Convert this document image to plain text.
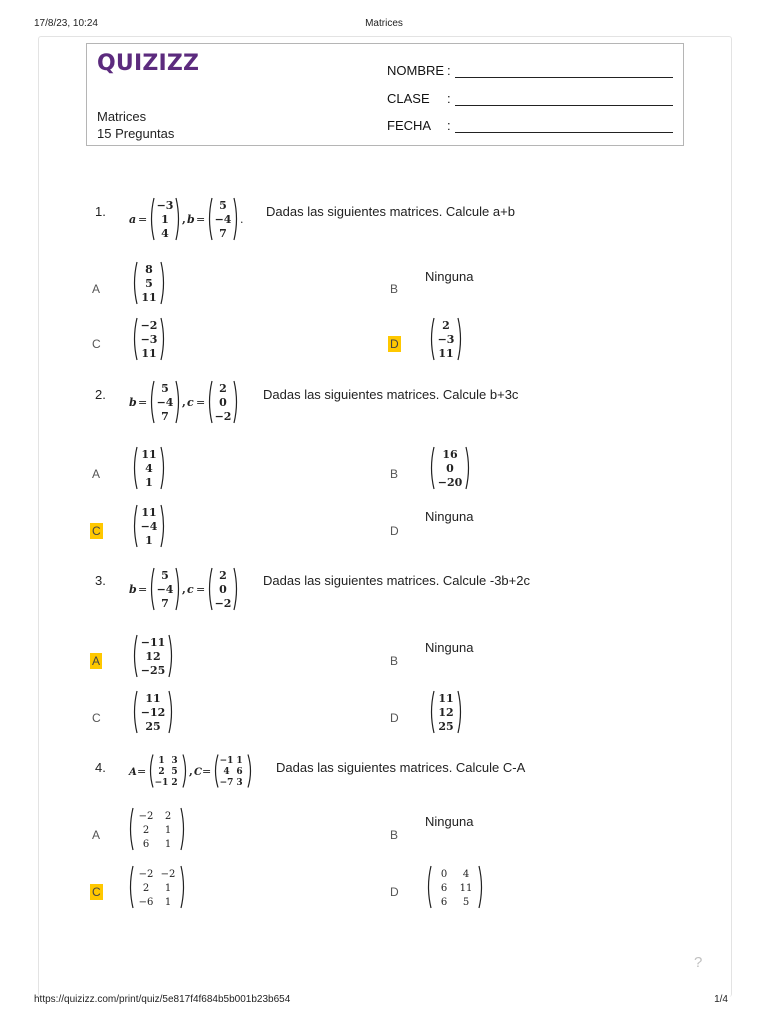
17/8/23, 10:24	Matrices
QUIZIZZ
Matrices
15 Preguntas
NOMBRE :
CLASE :
FECHA :
1.
a =
−3
1
4
, b =
5
−4
7
.
Dadas las siguientes matrices. Calcule a+b
A
8
5
11
B
Ninguna
C
−2
−3
11
D
2
−3
11
2.
b =
5
−4
7
, c =
2
0
−2
Dadas las siguientes matrices. Calcule b+3c
A
11
4
1
B
16
0
−20
C
11
−4
1
D
Ninguna
3.
b =
5
−4
7
, c =
2
0
−2
Dadas las siguientes matrices. Calcule -3b+2c
A
−11
12
−25
B
Ninguna
C
11
−12
25
D
11
12
25
4. A =
1 3
2 5
−1 2
, C =
−1 1
4 6
−7 3
Dadas las siguientes matrices. Calcule C-A
A
−2 2
2 1
6 1
B
Ninguna
C
−2 −2
2 1
−6 1
D
0 4
6 11
6 5
?
https://quizizz.com/print/quiz/5e817f4f684b5b001b23b654	1/4
